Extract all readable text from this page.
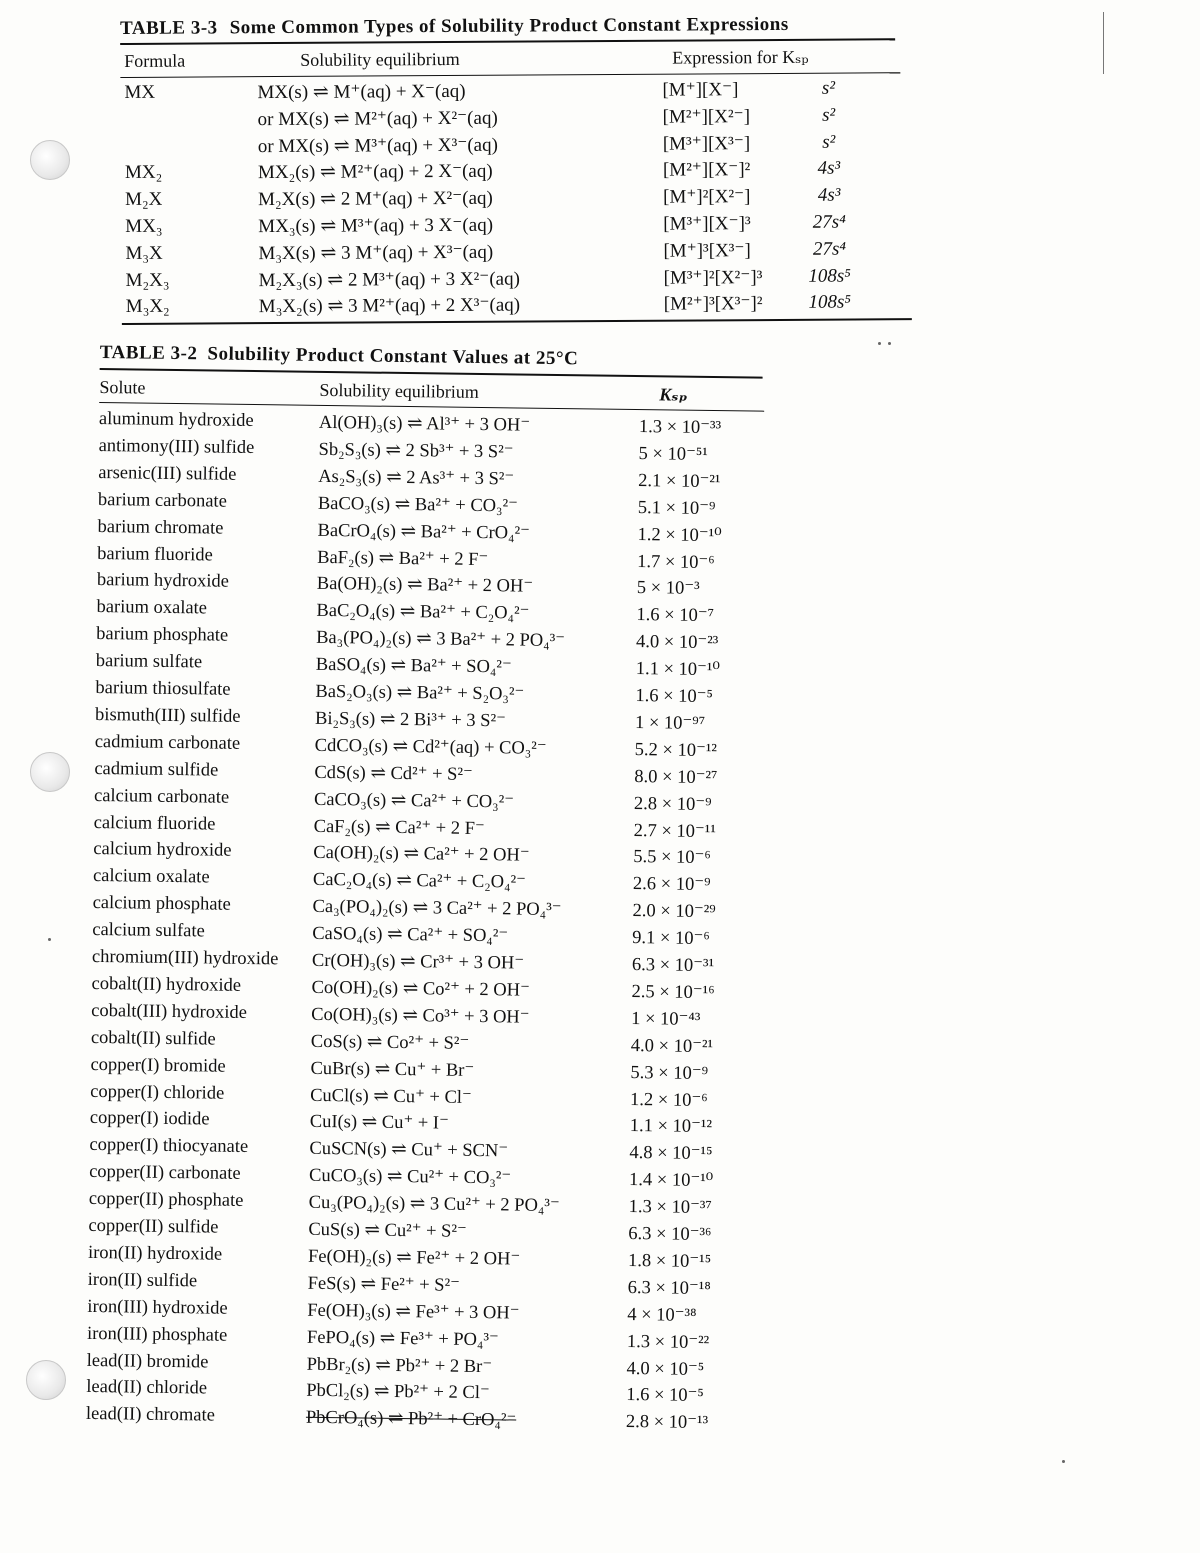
TABLE 3-3 Some Common Types of Solubility Product Constant Expressions
Formula	Solubility equilibrium	Expression for Kₛₚ
MX	MX(s) ⇌ M⁺(aq) + X⁻(aq)	[M⁺][X⁻]	s²
or MX(s) ⇌ M²⁺(aq) + X²⁻(aq)	[M²⁺][X²⁻]	s²
or MX(s) ⇌ M³⁺(aq) + X³⁻(aq)	[M³⁺][X³⁻]	s²
MX₂	MX₂(s) ⇌ M²⁺(aq) + 2 X⁻(aq)	[M²⁺][X⁻]²	4s³
M₂X	M₂X(s) ⇌ 2 M⁺(aq) + X²⁻(aq)	[M⁺]²[X²⁻]	4s³
MX₃	MX₃(s) ⇌ M³⁺(aq) + 3 X⁻(aq)	[M³⁺][X⁻]³	27s⁴
M₃X	M₃X(s) ⇌ 3 M⁺(aq) + X³⁻(aq)	[M⁺]³[X³⁻]	27s⁴
M₂X₃	M₂X₃(s) ⇌ 2 M³⁺(aq) + 3 X²⁻(aq)	[M³⁺]²[X²⁻]³	108s⁵
M₃X₂	M₃X₂(s) ⇌ 3 M²⁺(aq) + 2 X³⁻(aq)	[M²⁺]³[X³⁻]²	108s⁵
TABLE 3-2 Solubility Product Constant Values at 25°C
Solute	Solubility equilibrium	Kₛₚ
aluminum hydroxide	Al(OH)₃(s) ⇌ Al³⁺ + 3 OH⁻	1.3 × 10⁻³³
antimony(III) sulfide	Sb₂S₃(s) ⇌ 2 Sb³⁺ + 3 S²⁻	5 × 10⁻⁵¹
arsenic(III) sulfide	As₂S₃(s) ⇌ 2 As³⁺ + 3 S²⁻	2.1 × 10⁻²¹
barium carbonate	BaCO₃(s) ⇌ Ba²⁺ + CO₃²⁻	5.1 × 10⁻⁹
barium chromate	BaCrO₄(s) ⇌ Ba²⁺ + CrO₄²⁻	1.2 × 10⁻¹⁰
barium fluoride	BaF₂(s) ⇌ Ba²⁺ + 2 F⁻	1.7 × 10⁻⁶
barium hydroxide	Ba(OH)₂(s) ⇌ Ba²⁺ + 2 OH⁻	5 × 10⁻³
barium oxalate	BaC₂O₄(s) ⇌ Ba²⁺ + C₂O₄²⁻	1.6 × 10⁻⁷
barium phosphate	Ba₃(PO₄)₂(s) ⇌ 3 Ba²⁺ + 2 PO₄³⁻	4.0 × 10⁻²³
barium sulfate	BaSO₄(s) ⇌ Ba²⁺ + SO₄²⁻	1.1 × 10⁻¹⁰
barium thiosulfate	BaS₂O₃(s) ⇌ Ba²⁺ + S₂O₃²⁻	1.6 × 10⁻⁵
bismuth(III) sulfide	Bi₂S₃(s) ⇌ 2 Bi³⁺ + 3 S²⁻	1 × 10⁻⁹⁷
cadmium carbonate	CdCO₃(s) ⇌ Cd²⁺(aq) + CO₃²⁻	5.2 × 10⁻¹²
cadmium sulfide	CdS(s) ⇌ Cd²⁺ + S²⁻	8.0 × 10⁻²⁷
calcium carbonate	CaCO₃(s) ⇌ Ca²⁺ + CO₃²⁻	2.8 × 10⁻⁹
calcium fluoride	CaF₂(s) ⇌ Ca²⁺ + 2 F⁻	2.7 × 10⁻¹¹
calcium hydroxide	Ca(OH)₂(s) ⇌ Ca²⁺ + 2 OH⁻	5.5 × 10⁻⁶
calcium oxalate	CaC₂O₄(s) ⇌ Ca²⁺ + C₂O₄²⁻	2.6 × 10⁻⁹
calcium phosphate	Ca₃(PO₄)₂(s) ⇌ 3 Ca²⁺ + 2 PO₄³⁻	2.0 × 10⁻²⁹
calcium sulfate	CaSO₄(s) ⇌ Ca²⁺ + SO₄²⁻	9.1 × 10⁻⁶
chromium(III) hydroxide Cr(OH)₃(s) ⇌ Cr³⁺ + 3 OH⁻	6.3 × 10⁻³¹
cobalt(II) hydroxide	Co(OH)₂(s) ⇌ Co²⁺ + 2 OH⁻	2.5 × 10⁻¹⁶
cobalt(III) hydroxide	Co(OH)₃(s) ⇌ Co³⁺ + 3 OH⁻	1 × 10⁻⁴³
cobalt(II) sulfide	CoS(s) ⇌ Co²⁺ + S²⁻	4.0 × 10⁻²¹
copper(I) bromide	CuBr(s) ⇌ Cu⁺ + Br⁻	5.3 × 10⁻⁹
copper(I) chloride	CuCl(s) ⇌ Cu⁺ + Cl⁻	1.2 × 10⁻⁶
copper(I) iodide	CuI(s) ⇌ Cu⁺ + I⁻	1.1 × 10⁻¹²
copper(I) thiocyanate	CuSCN(s) ⇌ Cu⁺ + SCN⁻	4.8 × 10⁻¹⁵
copper(II) carbonate	CuCO₃(s) ⇌ Cu²⁺ + CO₃²⁻	1.4 × 10⁻¹⁰
copper(II) phosphate	Cu₃(PO₄)₂(s) ⇌ 3 Cu²⁺ + 2 PO₄³⁻	1.3 × 10⁻³⁷
copper(II) sulfide	CuS(s) ⇌ Cu²⁺ + S²⁻	6.3 × 10⁻³⁶
iron(II) hydroxide	Fe(OH)₂(s) ⇌ Fe²⁺ + 2 OH⁻	1.8 × 10⁻¹⁵
iron(II) sulfide	FeS(s) ⇌ Fe²⁺ + S²⁻	6.3 × 10⁻¹⁸
iron(III) hydroxide	Fe(OH)₃(s) ⇌ Fe³⁺ + 3 OH⁻	4 × 10⁻³⁸
iron(III) phosphate	FePO₄(s) ⇌ Fe³⁺ + PO₄³⁻	1.3 × 10⁻²²
lead(II) bromide	PbBr₂(s) ⇌ Pb²⁺ + 2 Br⁻	4.0 × 10⁻⁵
lead(II) chloride	PbCl₂(s) ⇌ Pb²⁺ + 2 Cl⁻	1.6 × 10⁻⁵
lead(II) chromate	PbCrO₄(s) ⇌ Pb²⁺ + CrO₄²⁻	2.8 × 10⁻¹³
